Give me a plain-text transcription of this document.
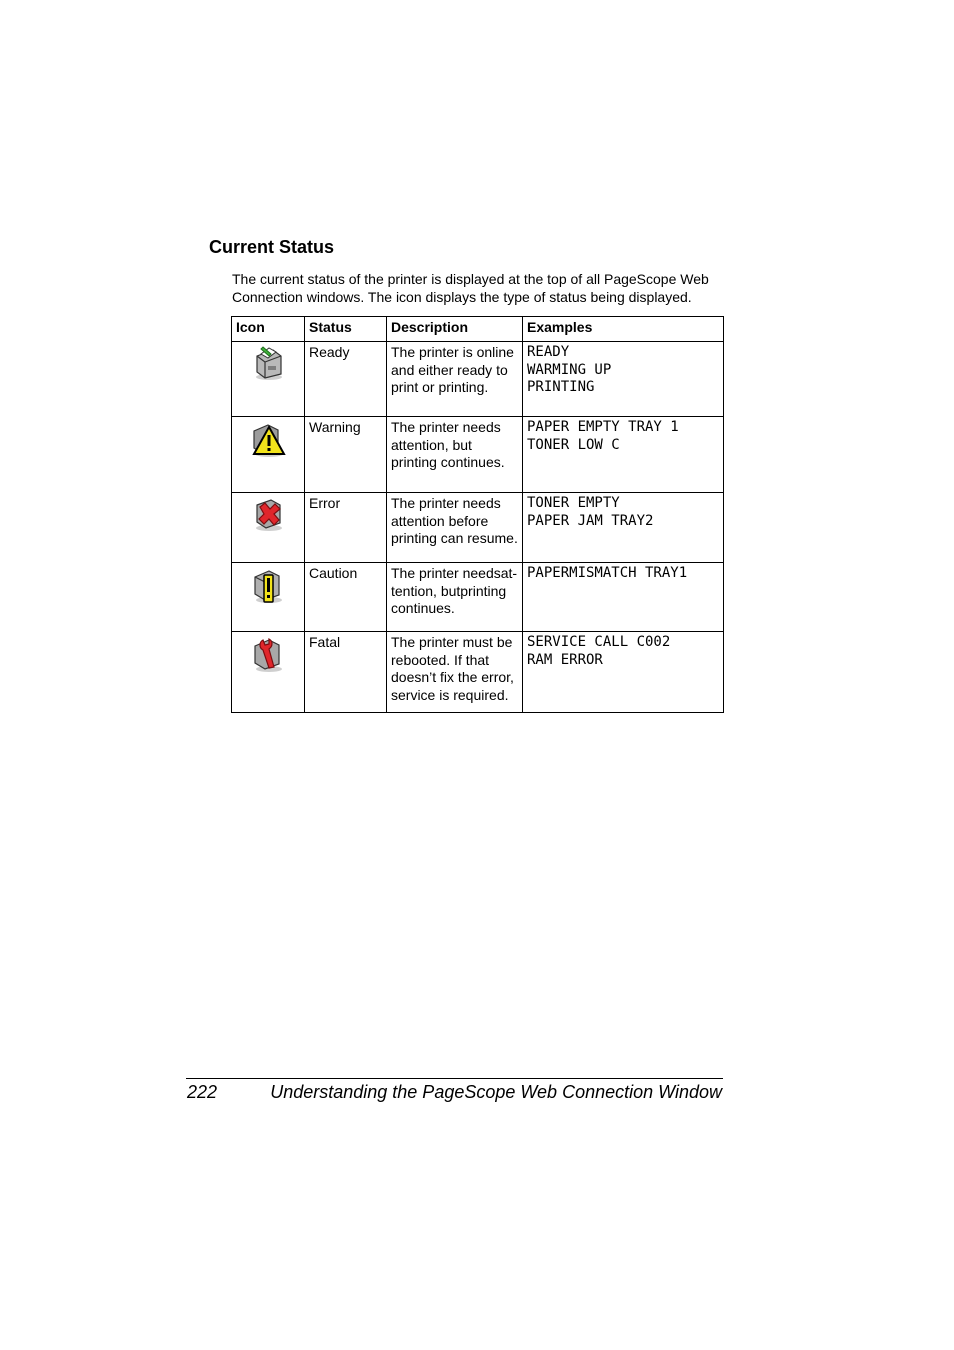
Current Status

The current status of the printer is displayed at the top of all PageScope Web Connection windows. The icon displays the type of status being displayed.

Icon	Status	Description	Examples

	Ready	The printer is online and either ready to print or printing.	READY
WARMING UP
PRINTING

	Warning	The printer needs attention, but printing continues.	PAPER EMPTY TRAY 1
TONER LOW C

	Error	The printer needs attention before printing can resume.	TONER EMPTY
PAPER JAM TRAY2

	Caution	The printer needsat-tention, butprinting continues.	PAPERMISMATCH TRAY1

	Fatal	The printer must be rebooted. If that doesn’t fix the error, service is required.	SERVICE CALL C002
RAM ERROR
222	Understanding the PageScope Web Connection Window
